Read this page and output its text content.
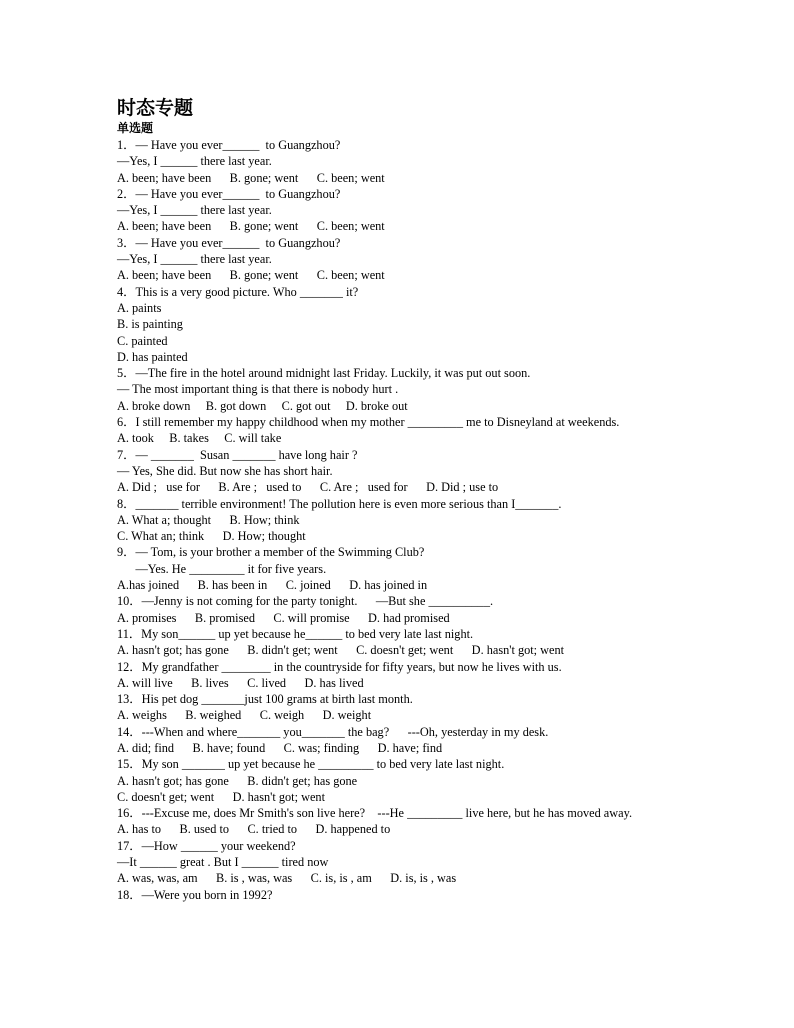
时态专题
单选题

1．— Have you ever______  to Guangzhou?

—Yes, I ______ there last year.

A. been; have been      B. gone; went      C. been; went

2．— Have you ever______  to Guangzhou?

—Yes, I ______ there last year.

A. been; have been      B. gone; went      C. been; went

3．— Have you ever______  to Guangzhou?

—Yes, I ______ there last year.

A. been; have been      B. gone; went      C. been; went

4．This is a very good picture. Who _______ it?

A. paints

B. is painting

C. painted

D. has painted

5．—The fire in the hotel around midnight last Friday. Luckily, it was put out soon.

— The most important thing is that there is nobody hurt .

A. broke down     B. got down     C. got out     D. broke out

6．I still remember my happy childhood when my mother _________ me to Disneyland at weekends.

A. took     B. takes     C. will take

7．— _______  Susan _______ have long hair ?

— Yes, She did. But now she has short hair.

A. Did ;   use for      B. Are ;   used to      C. Are ;   used for      D. Did ; use to

8．_______ terrible environment! The pollution here is even more serious than I_______.

A. What a; thought      B. How; think

C. What an; think      D. How; thought

9．— Tom, is your brother a member of the Swimming Club?

—Yes. He _________ it for five years.

A.has joined      B. has been in      C. joined      D. has joined in

10．—Jenny is not coming for the party tonight.      —But she __________.

A. promises      B. promised      C. will promise      D. had promised

11．My son______ up yet because he______ to bed very late last night.

A. hasn't got; has gone      B. didn't get; went      C. doesn't get; went      D. hasn't got; went

12．My grandfather ________ in the countryside for fifty years, but now he lives with us.

A. will live      B. lives      C. lived      D. has lived

13．His pet dog _______just 100 grams at birth last month.

A. weighs      B. weighed      C. weigh      D. weight

14．---When and where_______ you_______ the bag?      ---Oh, yesterday in my desk.

A. did; find      B. have; found      C. was; finding      D. have; find

15．My son _______ up yet because he _________ to bed very late last night.

A. hasn't got; has gone      B. didn't get; has gone

C. doesn't get; went      D. hasn't got; went

16．---Excuse me, does Mr Smith's son live here?    ---He _________ live here, but he has moved away.

A. has to      B. used to      C. tried to      D. happened to

17．—How ______ your weekend?

—It ______ great . But I ______ tired now

A. was, was, am      B. is , was, was      C. is, is , am      D. is, is , was

18．—Were you born in 1992?
